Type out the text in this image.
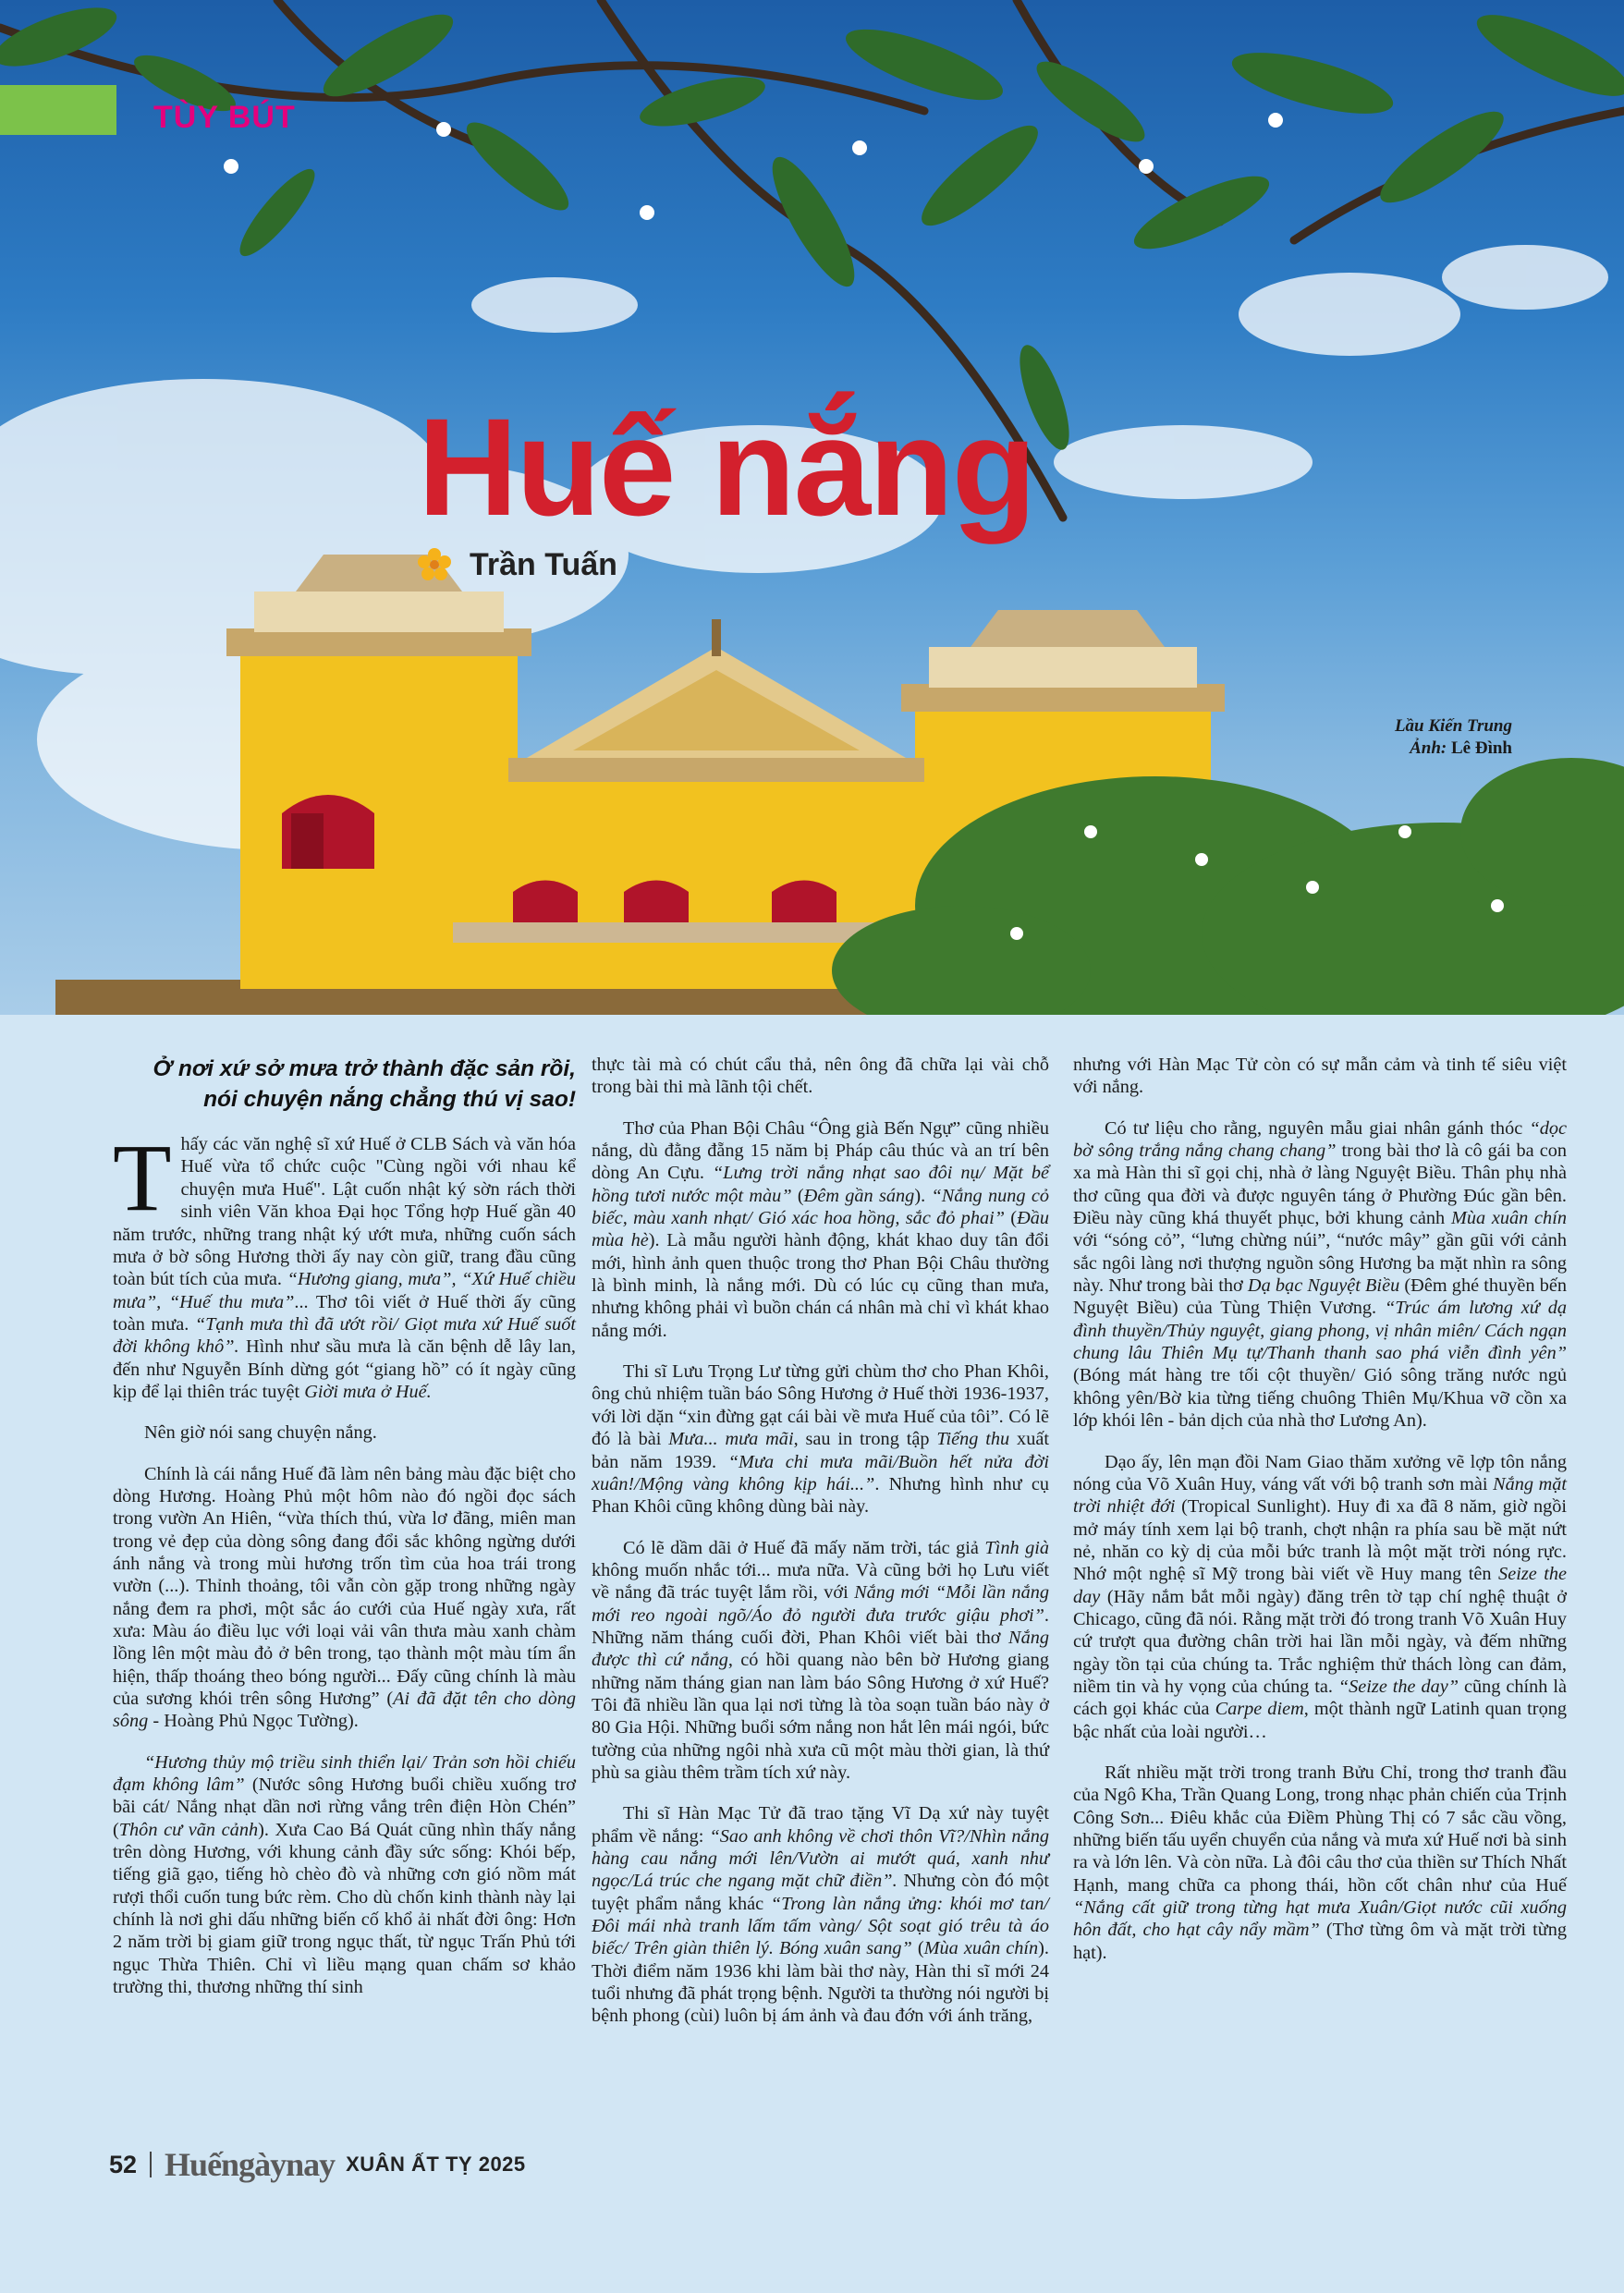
TÙY BÚT
Huế nắng
Trần Tuấn
Lầu Kiến Trung
Ảnh: Lê Đình

Ở nơi xứ sở mưa trở thành đặc sản rồi, nói chuyện nắng chẳng thú vị sao!

Thấy các văn nghệ sĩ xứ Huế ở CLB Sách và văn hóa Huế vừa tổ chức cuộc "Cùng ngồi với nhau kể chuyện mưa Huế". Lật cuốn nhật ký sờn rách thời sinh viên Văn khoa Đại học Tổng hợp Huế gần 40 năm trước, những trang nhật ký ướt mưa, những cuốn sách mưa ở bờ sông Hương thời ấy nay còn giữ, trang đầu cũng toàn bút tích của mưa. “Hương giang, mưa”, “Xứ Huế chiều mưa”, “Huế thu mưa”... Thơ tôi viết ở Huế thời ấy cũng toàn mưa. “Tạnh mưa thì đã ướt rồi/ Giọt mưa xứ Huế suốt đời không khô”. Hình như sầu mưa là căn bệnh dễ lây lan, đến như Nguyễn Bính dừng gót “giang hồ” có ít ngày cũng kịp để lại thiên trác tuyệt Giời mưa ở Huế.

Nên giờ nói sang chuyện nắng.

Chính là cái nắng Huế đã làm nên bảng màu đặc biệt cho dòng Hương. Hoàng Phủ một hôm nào đó ngồi đọc sách trong vườn An Hiên, “vừa thích thú, vừa lơ đãng, miên man trong vẻ đẹp của dòng sông đang đổi sắc không ngừng dưới ánh nắng và trong mùi hương trốn tìm của hoa trái trong vườn (...). Thỉnh thoảng, tôi vẫn còn gặp trong những ngày nắng đem ra phơi, một sắc áo cưới của Huế ngày xưa, rất xưa: Màu áo điều lục với loại vải vân thưa màu xanh chàm lồng lên một màu đỏ ở bên trong, tạo thành một màu tím ẩn hiện, thấp thoáng theo bóng người... Đấy cũng chính là màu của sương khói trên sông Hương” (Ai đã đặt tên cho dòng sông - Hoàng Phủ Ngọc Tường).

“Hương thủy mộ triều sinh thiển lại/ Trản sơn hồi chiếu đạm không lâm” (Nước sông Hương buổi chiều xuống trơ bãi cát/ Nắng nhạt dần nơi rừng vắng trên điện Hòn Chén” (Thôn cư vãn cảnh). Xưa Cao Bá Quát cũng nhìn thấy nắng trên dòng Hương, với khung cảnh đầy sức sống: Khói bếp, tiếng giã gạo, tiếng hò chèo đò và những cơn gió nồm mát rượi thổi cuốn tung bức rèm. Cho dù chốn kinh thành này lại chính là nơi ghi dấu những biến cố khổ ải nhất đời ông: Hơn 2 năm trời bị giam giữ trong ngục thất, từ ngục Trấn Phủ tới ngục Thừa Thiên. Chỉ vì liều mạng quan chấm sơ khảo trường thi, thương những thí sinh

thực tài mà có chút cẩu thả, nên ông đã chữa lại vài chỗ trong bài thi mà lãnh tội chết.

Thơ của Phan Bội Châu “Ông già Bến Ngự” cũng nhiều nắng, dù đằng đẵng 15 năm bị Pháp câu thúc và an trí bên dòng An Cựu. “Lưng trời nắng nhạt sao đôi nụ/ Mặt bể hồng tươi nước một màu” (Đêm gần sáng). “Nắng nung cỏ biếc, màu xanh nhạt/ Gió xác hoa hồng, sắc đỏ phai” (Đầu mùa hè). Là mẫu người hành động, khát khao duy tân đổi mới, hình ảnh quen thuộc trong thơ Phan Bội Châu thường là bình minh, là nắng mới. Dù có lúc cụ cũng than mưa, nhưng không phải vì buồn chán cá nhân mà chỉ vì khát khao nắng mới.

Thi sĩ Lưu Trọng Lư từng gửi chùm thơ cho Phan Khôi, ông chủ nhiệm tuần báo Sông Hương ở Huế thời 1936-1937, với lời dặn “xin đừng gạt cái bài về mưa Huế của tôi”. Có lẽ đó là bài Mưa... mưa mãi, sau in trong tập Tiếng thu xuất bản năm 1939. “Mưa chi mưa mãi/Buồn hết nửa đời xuân!/Mộng vàng không kịp hái...”. Nhưng hình như cụ Phan Khôi cũng không dùng bài này.

Có lẽ dầm dãi ở Huế đã mấy năm trời, tác giả Tình già không muốn nhắc tới... mưa nữa. Và cũng bởi họ Lưu viết về nắng đã trác tuyệt lắm rồi, với Nắng mới “Mỗi lần nắng mới reo ngoài ngõ/Áo đỏ người đưa trước giậu phơi”. Những năm tháng cuối đời, Phan Khôi viết bài thơ Nắng được thì cứ nắng, có hồi quang nào bên bờ Hương giang những năm tháng gian nan làm báo Sông Hương ở xứ Huế? Tôi đã nhiều lần qua lại nơi từng là tòa soạn tuần báo này ở 80 Gia Hội. Những buổi sớm nắng non hắt lên mái ngói, bức tường của những ngôi nhà xưa cũ một màu thời gian, là thứ phù sa giàu thêm trầm tích xứ này.

Thi sĩ Hàn Mạc Tử đã trao tặng Vĩ Dạ xứ này tuyệt phẩm về nắng: “Sao anh không về chơi thôn Vĩ?/Nhìn nắng hàng cau nắng mới lên/Vườn ai mướt quá, xanh như ngọc/Lá trúc che ngang mặt chữ điền”. Nhưng còn đó một tuyệt phẩm nắng khác “Trong làn nắng ửng: khói mơ tan/Đôi mái nhà tranh lấm tấm vàng/ Sột soạt gió trêu tà áo biếc/ Trên giàn thiên lý. Bóng xuân sang” (Mùa xuân chín). Thời điểm năm 1936 khi làm bài thơ này, Hàn thi sĩ mới 24 tuổi nhưng đã phát trọng bệnh. Người ta thường nói người bị bệnh phong (cùi) luôn bị ám ảnh và đau đớn với ánh trăng,

nhưng với Hàn Mạc Tử còn có sự mẫn cảm và tinh tế siêu việt với nắng.

Có tư liệu cho rằng, nguyên mẫu giai nhân gánh thóc “dọc bờ sông trắng nắng chang chang” trong bài thơ là cô gái ba con xa mà Hàn thi sĩ gọi chị, nhà ở làng Nguyệt Biều. Thân phụ nhà thơ cũng qua đời và được nguyên táng ở Phường Đúc gần bên. Điều này cũng khá thuyết phục, bởi khung cảnh Mùa xuân chín với “sóng cỏ”, “lưng chừng núi”, “nước mây” gần gũi với cảnh sắc ngôi làng nơi thượng nguồn sông Hương ba mặt nhìn ra sông này. Như trong bài thơ Dạ bạc Nguyệt Biều (Đêm ghé thuyền bến Nguyệt Biều) của Tùng Thiện Vương. “Trúc ám lương xứ dạ đình thuyền/Thủy nguyệt, giang phong, vị nhân miên/ Cách ngạn chung lâu Thiên Mụ tự/Thanh thanh sao phá viễn đình yên” (Bóng mát hàng tre tối cột thuyền/ Gió sông trăng nước ngủ không yên/Bờ kia từng tiếng chuông Thiên Mụ/Khua vỡ cồn xa lớp khói lên - bản dịch của nhà thơ Lương An).

Dạo ấy, lên mạn đồi Nam Giao thăm xưởng vẽ lợp tôn nắng nóng của Võ Xuân Huy, váng vất với bộ tranh sơn mài Nắng mặt trời nhiệt đới (Tropical Sunlight). Huy đi xa đã 8 năm, giờ ngồi mở máy tính xem lại bộ tranh, chợt nhận ra phía sau bề mặt nứt nẻ, nhăn co kỳ dị của mỗi bức tranh là một mặt trời nóng rực. Nhớ một nghệ sĩ Mỹ trong bài viết về Huy mang tên Seize the day (Hãy nắm bắt mỗi ngày) đăng trên tờ tạp chí nghệ thuật ở Chicago, cũng đã nói. Rằng mặt trời đó trong tranh Võ Xuân Huy cứ trượt qua đường chân trời hai lần mỗi ngày, và đếm những ngày tồn tại của chúng ta. Trắc nghiệm thử thách lòng can đảm, niềm tin và hy vọng của chúng ta. “Seize the day” cũng chính là cách gọi khác của Carpe diem, một thành ngữ Latinh quan trọng bậc nhất của loài người…

Rất nhiều mặt trời trong tranh Bửu Chỉ, trong thơ tranh đầu của Ngô Kha, Trần Quang Long, trong nhạc phản chiến của Trịnh Công Sơn... Điêu khắc của Điềm Phùng Thị có 7 sắc cầu vồng, những biến tấu uyển chuyển của nắng và mưa xứ Huế nơi bà sinh ra và lớn lên. Và còn nữa. Là đôi câu thơ của thiền sư Thích Nhất Hạnh, mang chữa ca phong thái, hồn cốt chân như của Huế “Nắng cất giữ trong từng hạt mưa Xuân/Giọt nước cũi xuống hôn đất, cho hạt cây nẩy mầm” (Thơ từng ôm và mặt trời từng hạt).

52 Huếngàynay XUÂN ẤT TỴ 2025
